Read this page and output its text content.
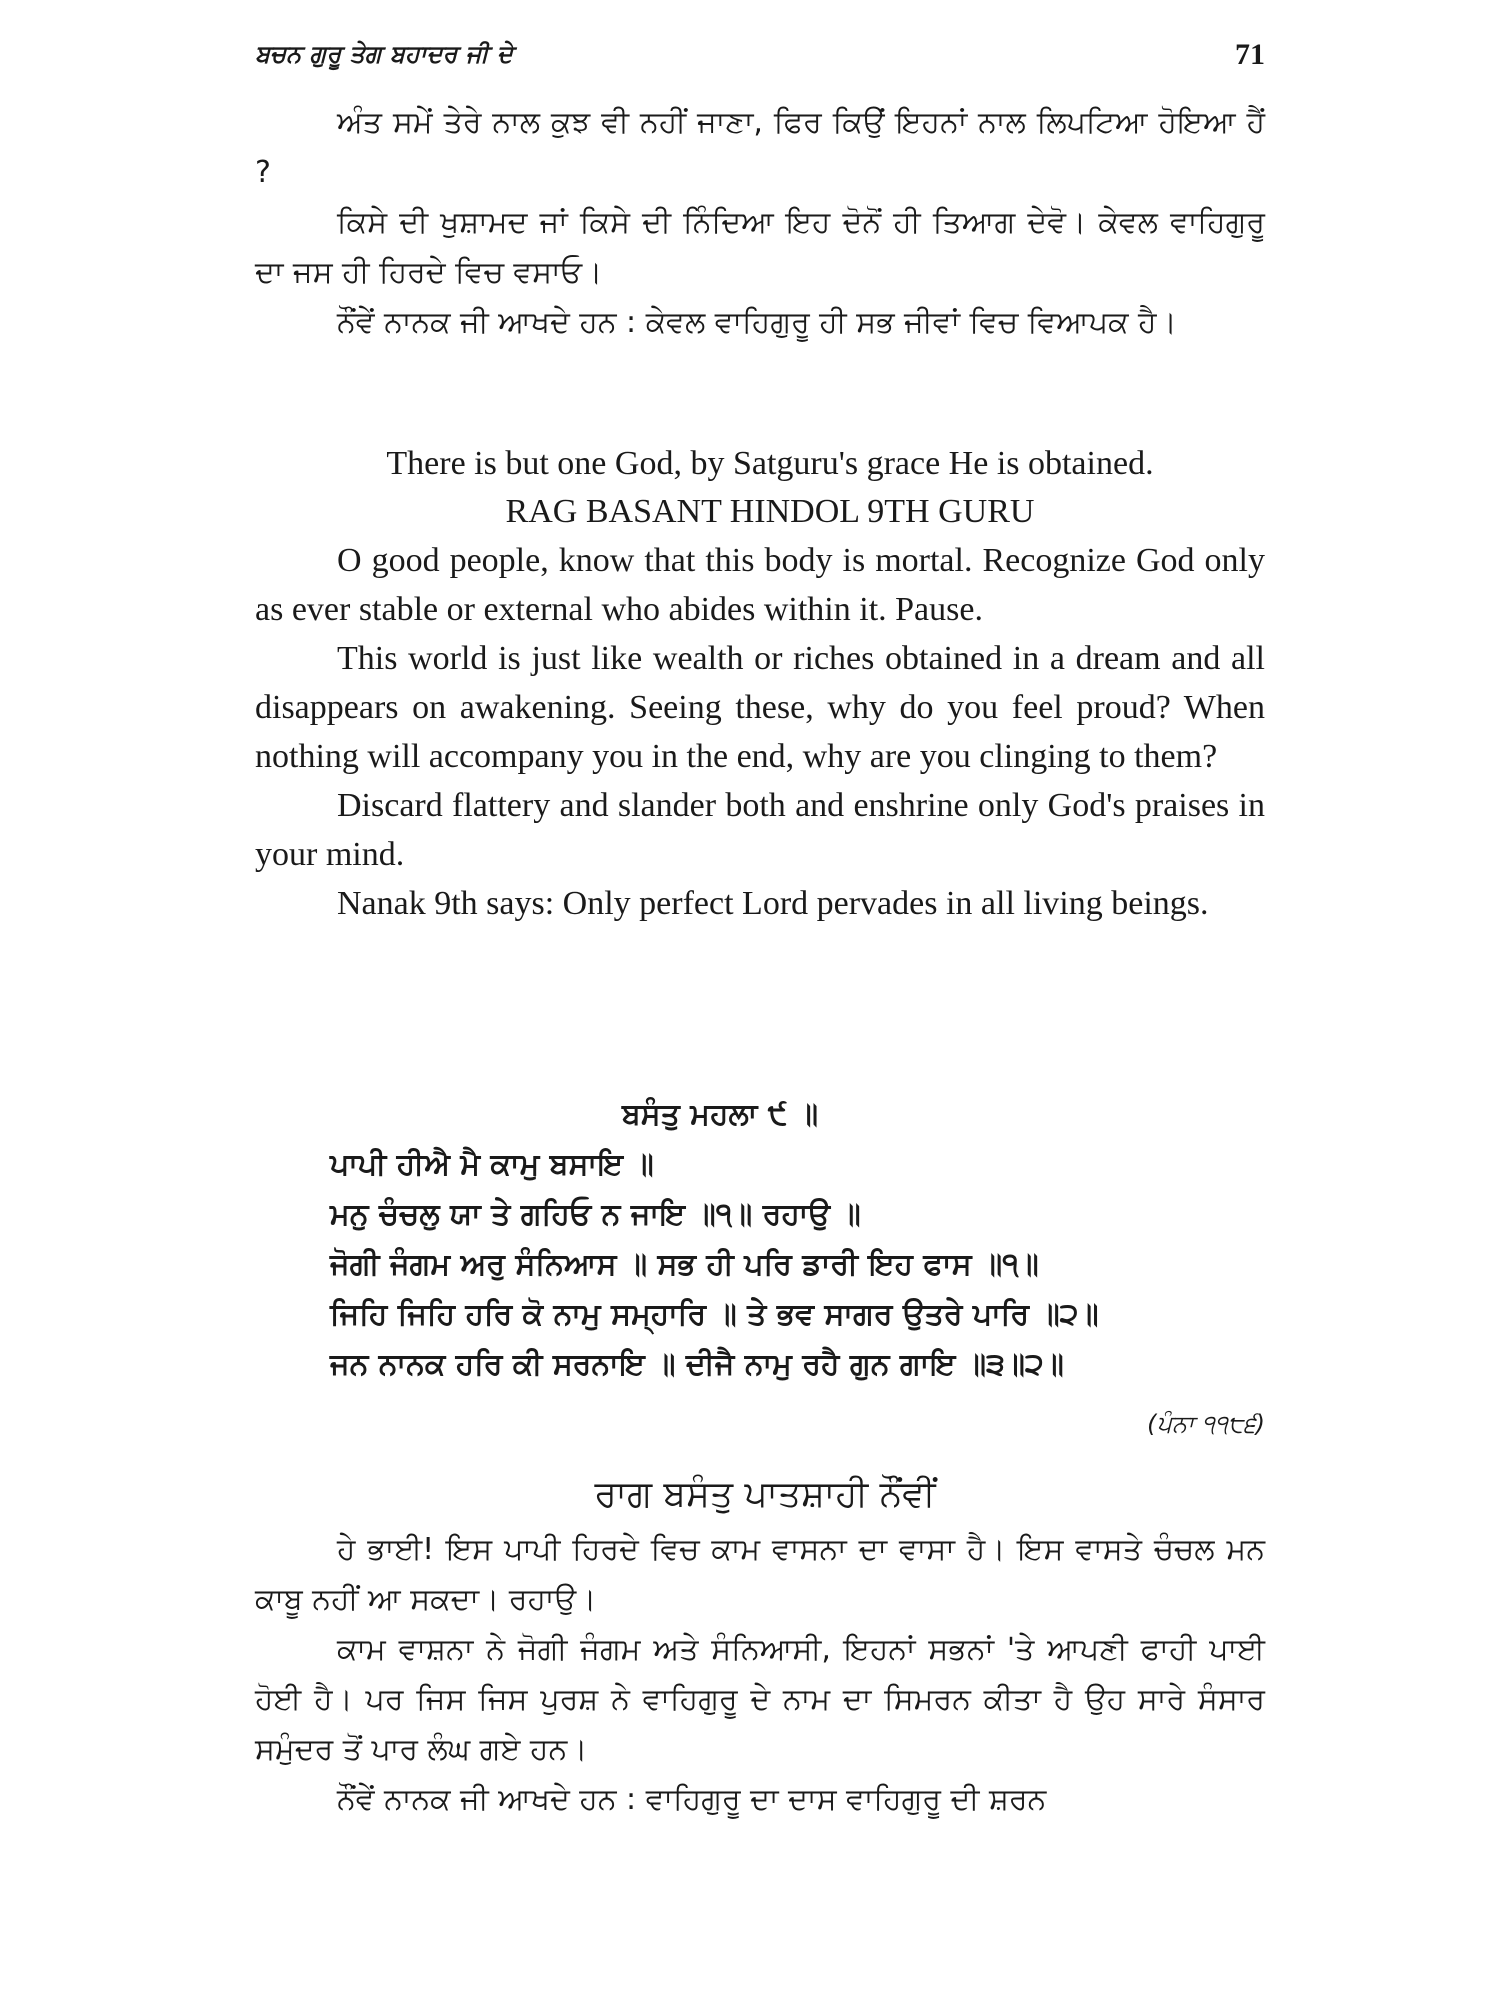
ਬਚਨ ਗੁਰੂ ਤੇਗ ਬਹਾਦਰ ਜੀ ਦੇ	71

ਅੰਤ ਸਮੇਂ ਤੇਰੇ ਨਾਲ ਕੁਝ ਵੀ ਨਹੀਂ ਜਾਣਾ, ਫਿਰ ਕਿਉਂ ਇਹਨਾਂ ਨਾਲ ਲਿਪਟਿਆ ਹੋਇਆ ਹੈਂ ?

ਕਿਸੇ ਦੀ ਖੁਸ਼ਾਮਦ ਜਾਂ ਕਿਸੇ ਦੀ ਨਿੰਦਿਆ ਇਹ ਦੋਨੋਂ ਹੀ ਤਿਆਗ ਦੇਵੋ। ਕੇਵਲ ਵਾਹਿਗੁਰੂ ਦਾ ਜਸ ਹੀ ਹਿਰਦੇ ਵਿਚ ਵਸਾਓ।

ਨੌਂਵੇਂ ਨਾਨਕ ਜੀ ਆਖਦੇ ਹਨ : ਕੇਵਲ ਵਾਹਿਗੁਰੂ ਹੀ ਸਭ ਜੀਵਾਂ ਵਿਚ ਵਿਆਪਕ ਹੈ।

There is but one God, by Satguru's grace He is obtained.

RAG BASANT HINDOL 9TH GURU

O good people, know that this body is mortal. Recognize God only as ever stable or external who abides within it. Pause.

This world is just like wealth or riches obtained in a dream and all disappears on awakening. Seeing these, why do you feel proud? When nothing will accompany you in the end, why are you clinging to them?

Discard flattery and slander both and enshrine only God's praises in your mind.

Nanak 9th says: Only perfect Lord pervades in all living beings.

ਬਸੰਤੁ ਮਹਲਾ ੯ ॥

ਪਾਪੀ ਹੀਐ ਮੈ ਕਾਮੁ ਬਸਾਇ ॥

ਮਨੁ ਚੰਚਲੁ ਯਾ ਤੇ ਗਹਿਓ ਨ ਜਾਇ ॥੧॥ ਰਹਾਉ ॥

ਜੋਗੀ ਜੰਗਮ ਅਰੁ ਸੰਨਿਆਸ ॥ ਸਭ ਹੀ ਪਰਿ ਡਾਰੀ ਇਹ ਫਾਸ ॥੧॥

ਜਿਹਿ ਜਿਹਿ ਹਰਿ ਕੋ ਨਾਮੁ ਸਮ੍ਹਾਰਿ ॥ ਤੇ ਭਵ ਸਾਗਰ ਉਤਰੇ ਪਾਰਿ ॥੨॥

ਜਨ ਨਾਨਕ ਹਰਿ ਕੀ ਸਰਨਾਇ ॥ ਦੀਜੈ ਨਾਮੁ ਰਹੈ ਗੁਨ ਗਾਇ ॥੩॥੨॥

(ਪੰਨਾ ੧੧੮੬)

ਰਾਗ ਬਸੰਤੁ ਪਾਤਸ਼ਾਹੀ ਨੌਂਵੀਂ

ਹੇ ਭਾਈ! ਇਸ ਪਾਪੀ ਹਿਰਦੇ ਵਿਚ ਕਾਮ ਵਾਸਨਾ ਦਾ ਵਾਸਾ ਹੈ। ਇਸ ਵਾਸਤੇ ਚੰਚਲ ਮਨ ਕਾਬੂ ਨਹੀਂ ਆ ਸਕਦਾ। ਰਹਾਉ।

ਕਾਮ ਵਾਸ਼ਨਾ ਨੇ ਜੋਗੀ ਜੰਗਮ ਅਤੇ ਸੰਨਿਆਸੀ, ਇਹਨਾਂ ਸਭਨਾਂ 'ਤੇ ਆਪਣੀ ਫਾਹੀ ਪਾਈ ਹੋਈ ਹੈ। ਪਰ ਜਿਸ ਜਿਸ ਪੁਰਸ਼ ਨੇ ਵਾਹਿਗੁਰੂ ਦੇ ਨਾਮ ਦਾ ਸਿਮਰਨ ਕੀਤਾ ਹੈ ਉਹ ਸਾਰੇ ਸੰਸਾਰ ਸਮੁੰਦਰ ਤੋਂ ਪਾਰ ਲੰਘ ਗਏ ਹਨ।

ਨੌਂਵੇਂ ਨਾਨਕ ਜੀ ਆਖਦੇ ਹਨ : ਵਾਹਿਗੁਰੂ ਦਾ ਦਾਸ ਵਾਹਿਗੁਰੂ ਦੀ ਸ਼ਰਨ
